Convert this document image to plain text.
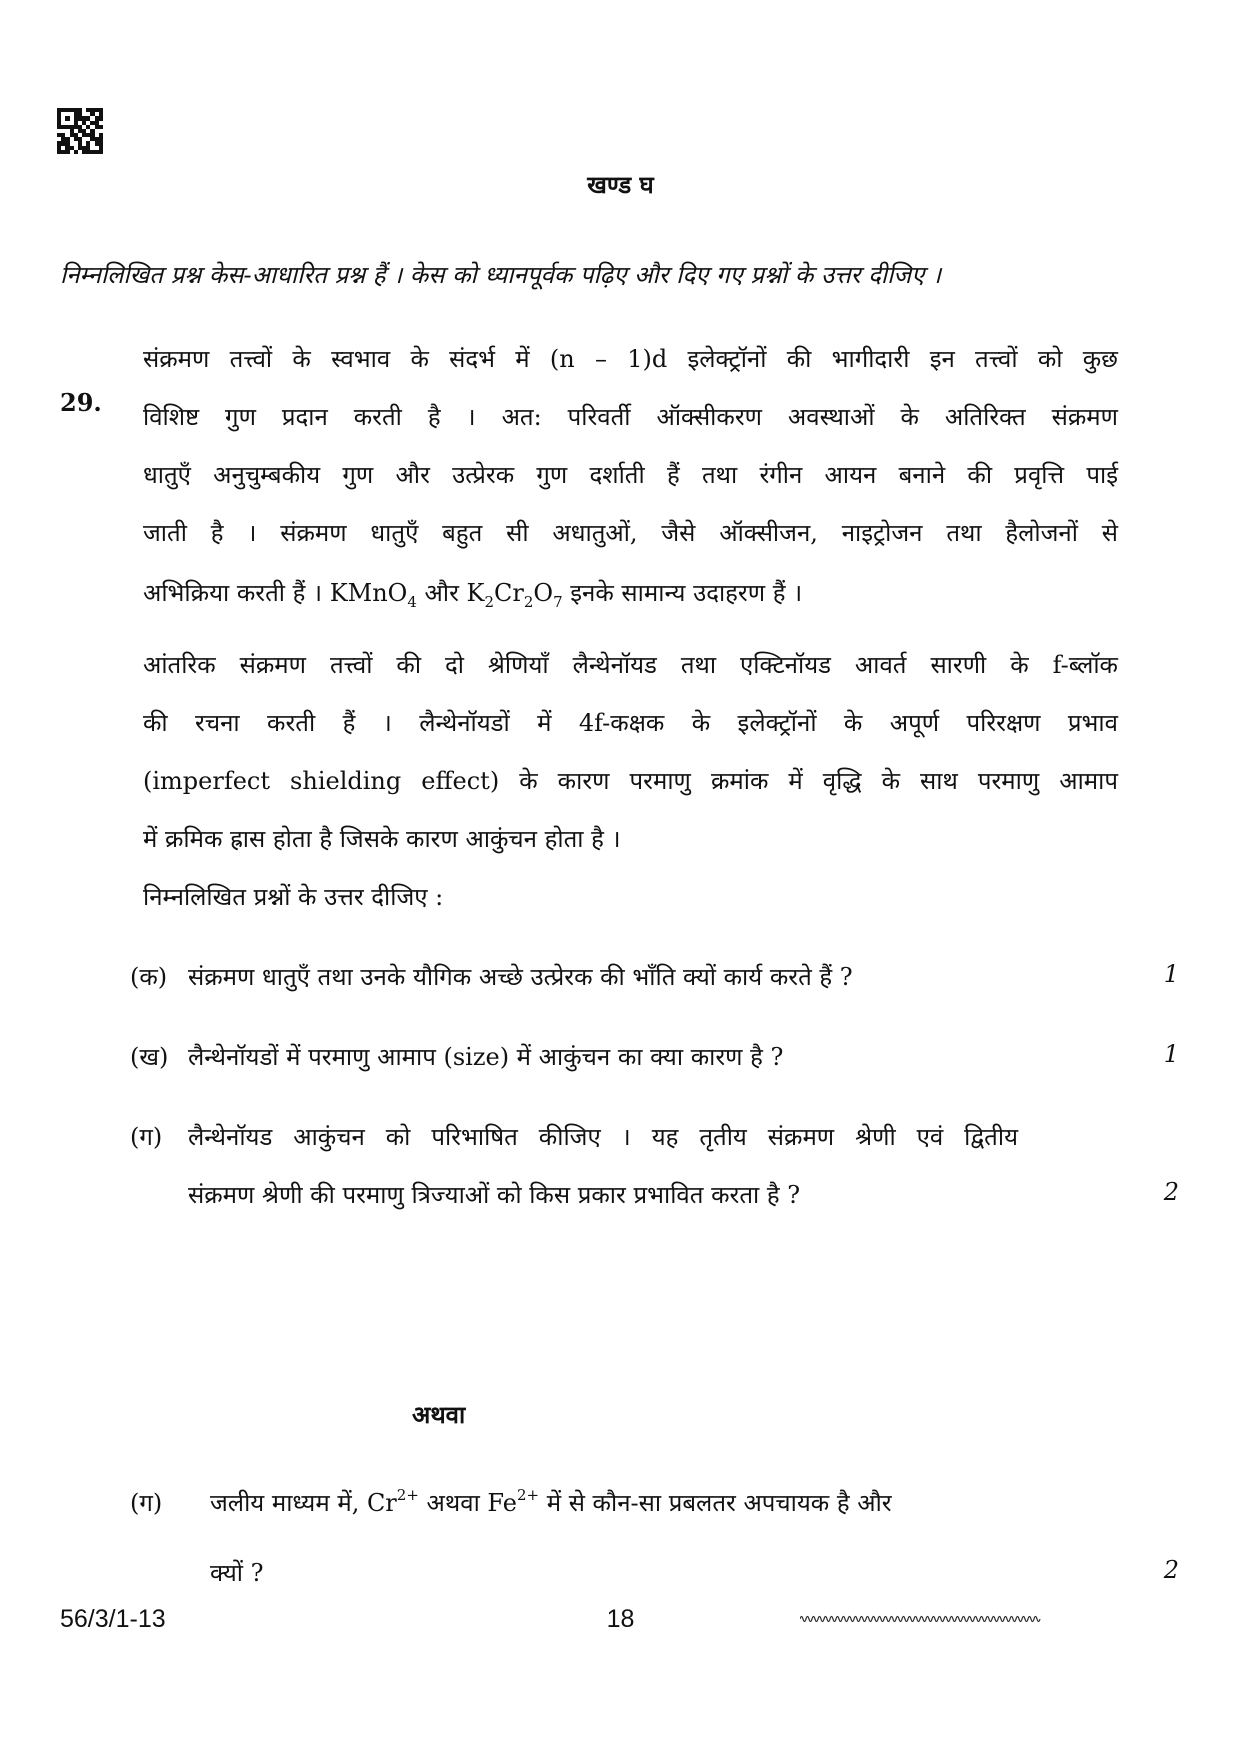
खण्ड घ
निम्नलिखित प्रश्न केस-आधारित प्रश्न हैं । केस को ध्यानपूर्वक पढ़िए और दिए गए प्रश्नों के उत्तर दीजिए ।
29.
संक्रमण तत्त्वों के स्वभाव के संदर्भ में (n – 1)d इलेक्ट्रॉनों की भागीदारी इन तत्त्वों को कुछ
विशिष्ट गुण प्रदान करती है । अत: परिवर्ती ऑक्सीकरण अवस्थाओं के अतिरिक्त संक्रमण
धातुएँ अनुचुम्बकीय गुण और उत्प्रेरक गुण दर्शाती हैं तथा रंगीन आयन बनाने की प्रवृत्ति पाई
जाती है । संक्रमण धातुएँ बहुत सी अधातुओं, जैसे ऑक्सीजन, नाइट्रोजन तथा हैलोजनों से
अभिक्रिया करती हैं । KMnO$_4$ और $K_2Cr_2O_7$ इनके सामान्य उदाहरण हैं ।
आंतरिक संक्रमण तत्त्वों की दो श्रेणियाँ लैन्थेनॉयड तथा एक्टिनॉयड आवर्त सारणी के f-ब्लॉक
की रचना करती हैं । लैन्थेनॉयडों में 4f-कक्षक के इलेक्ट्रॉनों के अपूर्ण परिरक्षण प्रभाव
(imperfect shielding effect) के कारण परमाणु क्रमांक में वृद्धि के साथ परमाणु आमाप
में क्रमिक ह्रास होता है जिसके कारण आकुंचन होता है ।
निम्नलिखित प्रश्नों के उत्तर दीजिए :
(क) संक्रमण धातुएँ तथा उनके यौगिक अच्छे उत्प्रेरक की भाँति क्यों कार्य करते हैं ?	1
(ख) लैन्थेनॉयडों में परमाणु आमाप (size) में आकुंचन का क्या कारण है ?	1
(ग) लैन्थेनॉयड आकुंचन को परिभाषित कीजिए । यह तृतीय संक्रमण श्रेणी एवं द्वितीय
संक्रमण श्रेणी की परमाणु त्रिज्याओं को किस प्रकार प्रभावित करता है ?	2
अथवा
(ग) जलीय माध्यम में, $Cr^{2+}$ अथवा $Fe^{2+}$ में से कौन-सा प्रबलतर अपचायक है और
क्यों ?	2
56/3/1-13	18
